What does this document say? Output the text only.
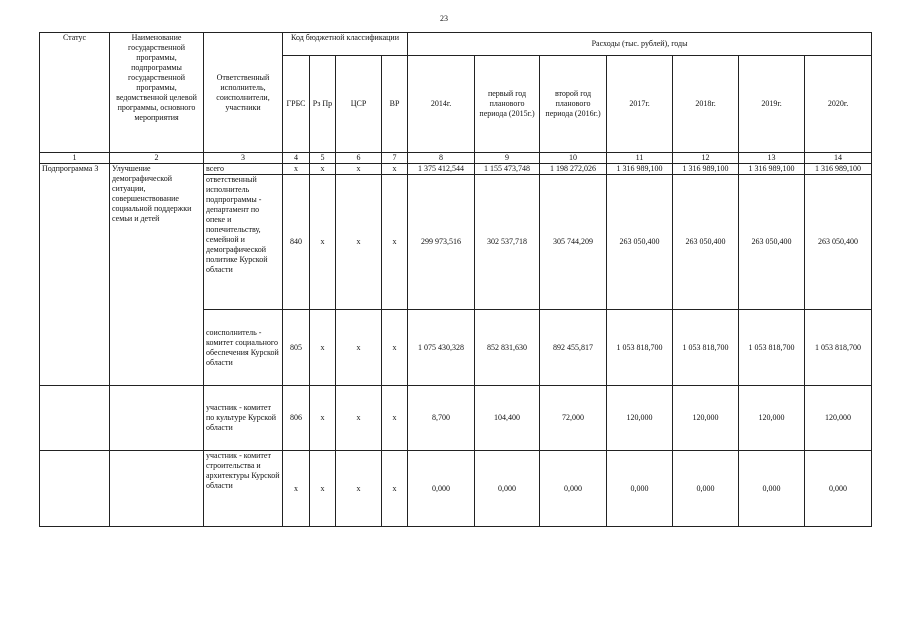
23
Статус	Наименование государственной программы, подпрограммы государственной программы, ведомственной целевой программы, основного мероприятия	Ответственный исполнитель, соисполнители, участники	Код бюджетной классификации				Расходы (тыс. рублей), годы						
			ГРБС	Рз Пр	ЦСР	ВР	2014г.	первый год планового периода (2015г.)	второй год планового периода (2016г.)	2017г.	2018г.	2019г.	2020г.
1	2	3	4	5	6	7	8	9	10	11	12	13	14
Подпрограмма 3	Улучшение демографической ситуации, совершенствование социальной поддержки семьи и детей	всего	х	х	х	х	1 375 412,544	1 155 473,748	1 198 272,026	1 316 989,100	1 316 989,100	1 316 989,100	1 316 989,100
		ответственный исполнитель подпрограммы - департамент по опеке и попечительству, семейной и демографической политике Курской области	840	х	х	х	299 973,516	302 537,718	305 744,209	263 050,400	263 050,400	263 050,400	263 050,400
		соисполнитель - комитет социального обеспечения Курской области	805	х	х	х	1 075 430,328	852 831,630	892 455,817	1 053 818,700	1 053 818,700	1 053 818,700	1 053 818,700
		участник - комитет по культуре Курской области	806	х	х	х	8,700	104,400	72,000	120,000	120,000	120,000	120,000
		участник - комитет строительства и архитектуры Курской области	х	х	х	х	0,000	0,000	0,000	0,000	0,000	0,000	0,000
